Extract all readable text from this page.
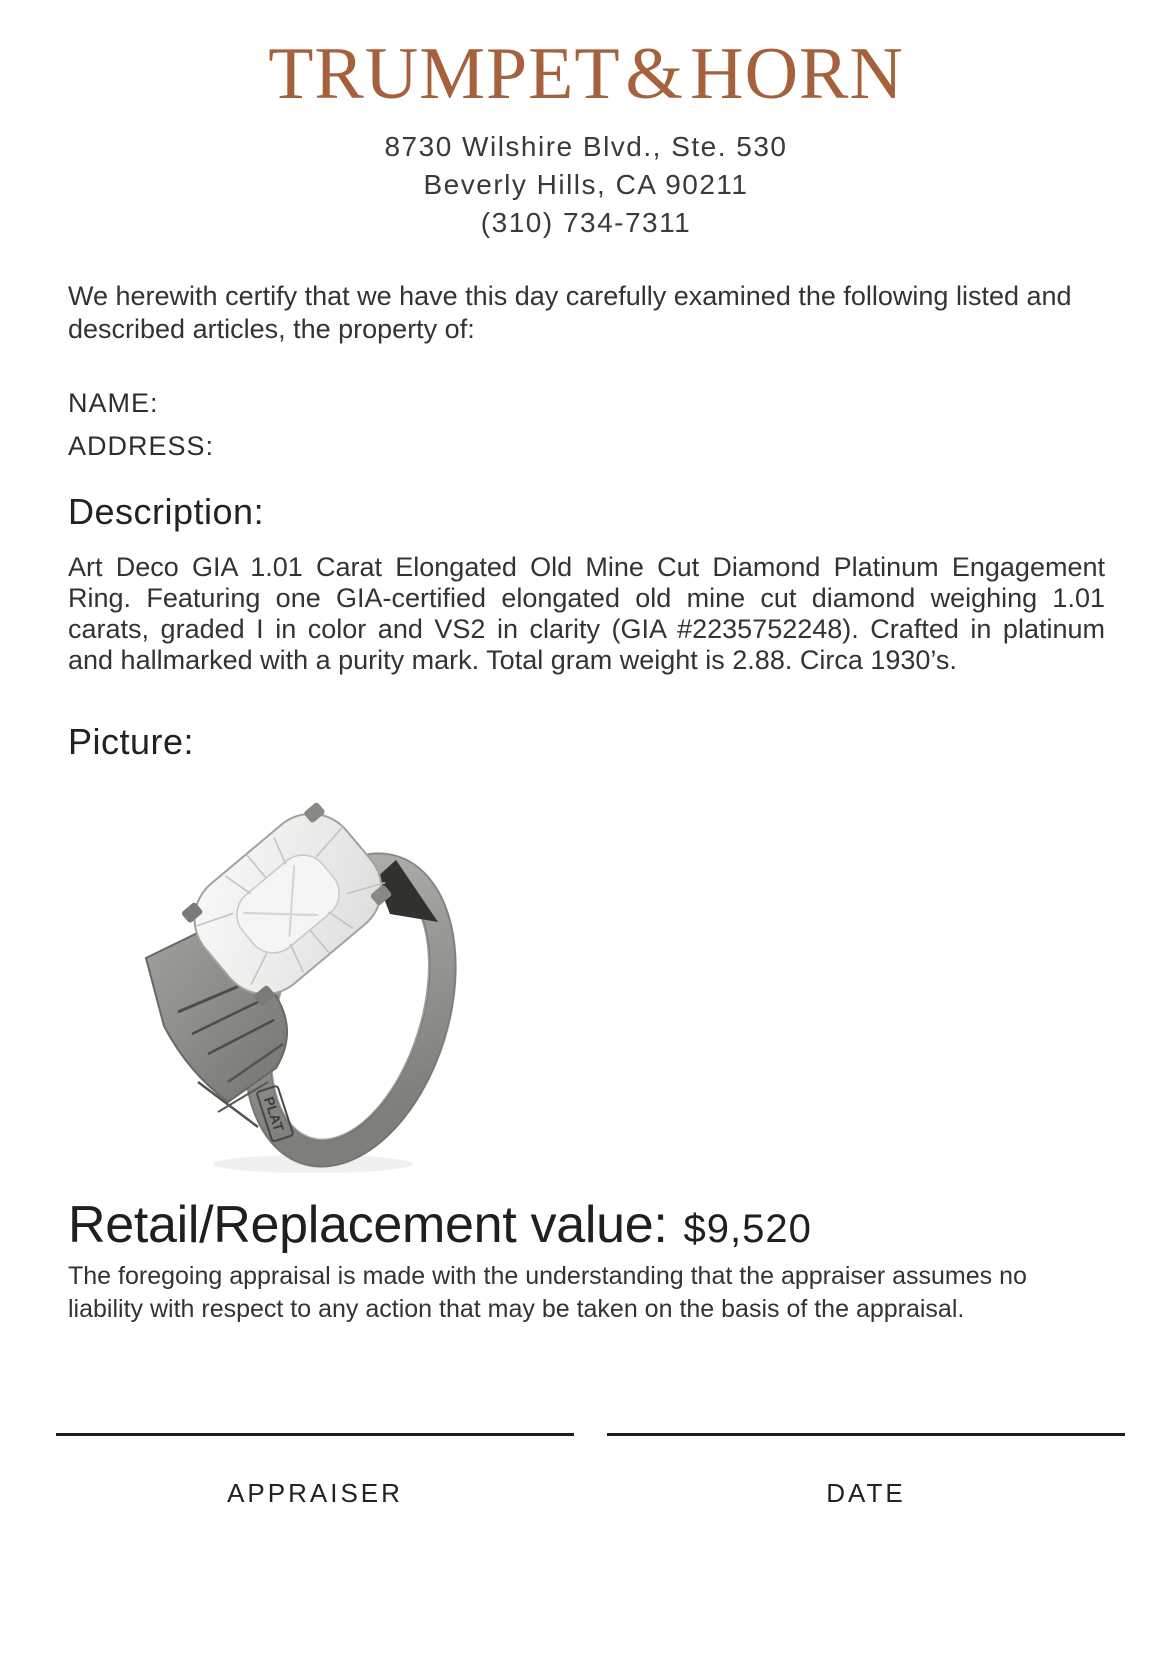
TRUMPET & HORN
8730 Wilshire Blvd., Ste. 530
Beverly Hills, CA 90211
(310) 734-7311
We herewith certify that we have this day carefully examined the following listed and described articles, the property of:
NAME:
ADDRESS:
Description:
Art Deco GIA 1.01 Carat Elongated Old Mine Cut Diamond Platinum Engagement Ring. Featuring one GIA-certified elongated old mine cut diamond weighing 1.01 carats, graded I in color and VS2 in clarity (GIA #2235752248). Crafted in platinum and hallmarked with a purity mark. Total gram weight is 2.88. Circa 1930’s.
Picture:
PLAT
Retail/Replacement value: $9,520
The foregoing appraisal is made with the understanding that the appraiser assumes no liability with respect to any action that may be taken on the basis of the appraisal.
APPRAISER	DATE
